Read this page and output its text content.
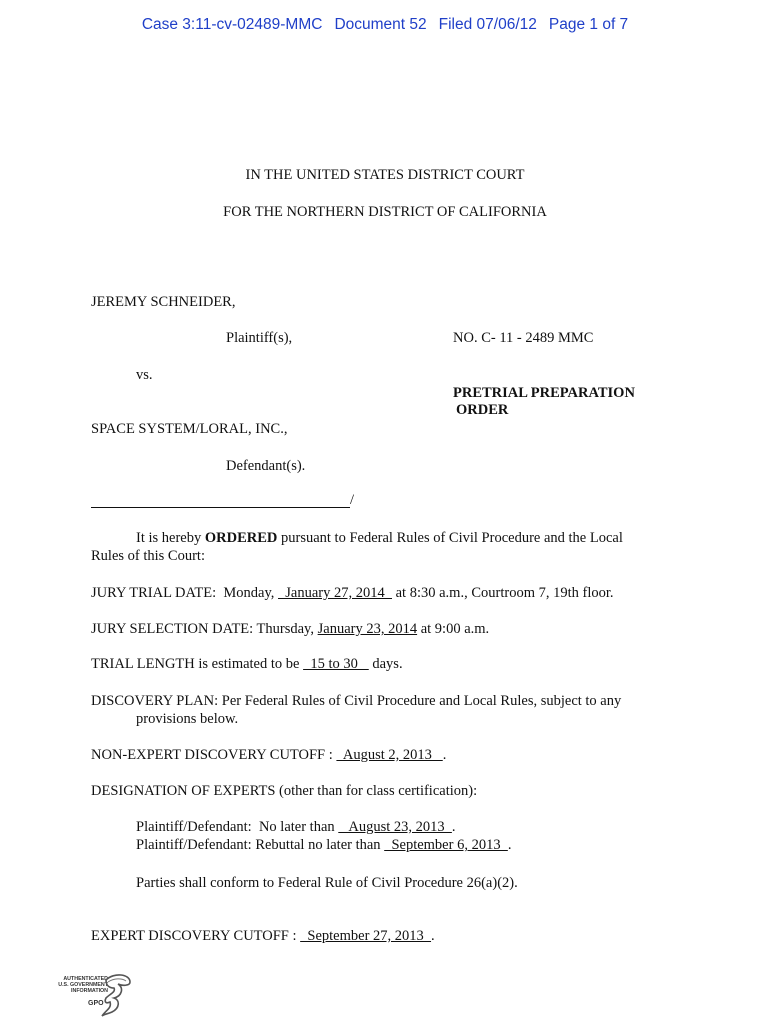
Case 3:11-cv-02489-MMC Document 52 Filed 07/06/12 Page 1 of 7
IN THE UNITED STATES DISTRICT COURT
FOR THE NORTHERN DISTRICT OF CALIFORNIA
JEREMY SCHNEIDER,
Plaintiff(s),	NO. C- 11 - 2489 MMC
vs.
PRETRIAL PREPARATION
ORDER
SPACE SYSTEM/LORAL, INC.,
Defendant(s).
/
It is hereby ORDERED pursuant to Federal Rules of Civil Procedure and the Local
Rules of this Court:
JURY TRIAL DATE:  Monday,   January 27, 2014   at 8:30 a.m., Courtroom 7, 19th floor.
JURY SELECTION DATE: Thursday, January 23, 2014 at 9:00 a.m.
TRIAL LENGTH is estimated to be   15 to 30    days.
DISCOVERY PLAN: Per Federal Rules of Civil Procedure and Local Rules, subject to any
provisions below.
NON-EXPERT DISCOVERY CUTOFF :   August 2, 2013   .
DESIGNATION OF EXPERTS (other than for class certification):
Plaintiff/Defendant:  No later than    August 23, 2013  .
Plaintiff/Defendant: Rebuttal no later than   September 6, 2013  .
Parties shall conform to Federal Rule of Civil Procedure 26(a)(2).
EXPERT DISCOVERY CUTOFF :   September 27, 2013  .
AUTHENTICATED
U.S. GOVERNMENT
INFORMATION
GPO
